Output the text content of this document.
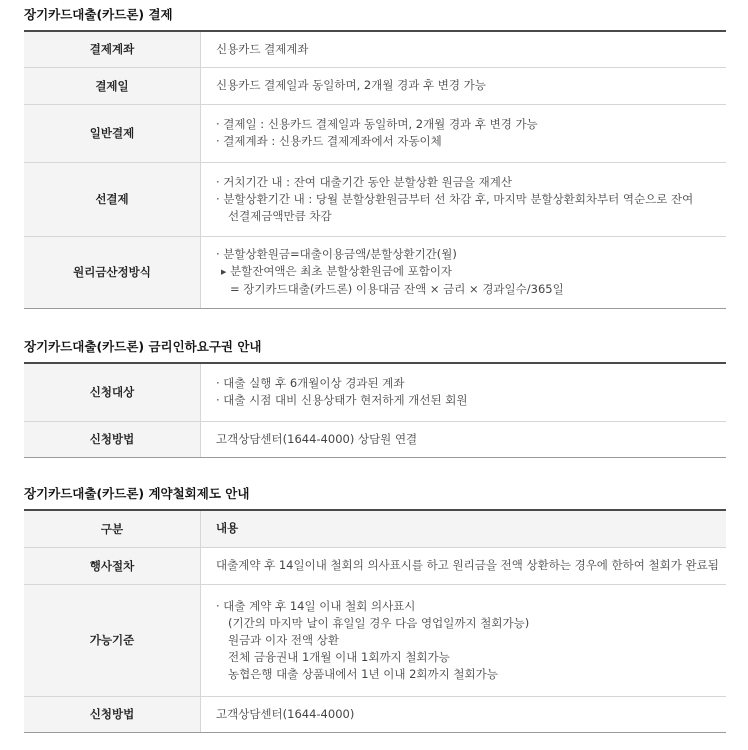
장기카드대출(카드론) 결제
결제계좌	신용카드 결제계좌
결제일	신용카드 결제일과 동일하며, 2개월 경과 후 변경 가능
일반결제	· 결제일 : 신용카드 결제일과 동일하며, 2개월 경과 후 변경 가능
· 결제계좌 : 신용카드 결제계좌에서 자동이체

선결제	· 거치기간 내 : 잔여 대출기간 동안 분할상환 원금을 재계산
· 분할상환기간 내 : 당월 분할상환원금부터 선 차감 후, 마지막 분할상환회차부터 역순으로 잔여 선결제금액만큼 차감

원리금산정방식	· 분할상환원금=대출이용금액/분할상환기간(월)
▶ 분할잔여액은 최초 분할상환원금에 포함이자
= 장기카드대출(카드론) 이용대금 잔액 × 금리 × 경과일수/365일
장기카드대출(카드론) 금리인하요구권 안내
신청대상	· 대출 실행 후 6개월이상 경과된 계좌
· 대출 시점 대비 신용상태가 현저하게 개선된 회원

신청방법	고객상담센터(1644-4000) 상담원 연결
장기카드대출(카드론) 계약철회제도 안내
구분	내용
행사절차	대출계약 후 14일이내 철회의 의사표시를 하고 원리금을 전액 상환하는 경우에 한하여 철회가 완료됨
가능기준	· 대출 계약 후 14일 이내 철회 의사표시
(기간의 마지막 날이 휴일일 경우 다음 영업일까지 철회가능)
원금과 이자 전액 상환
전체 금융권내 1개월 이내 1회까지 철회가능
농협은행 대출 상품내에서 1년 이내 2회까지 철회가능

신청방법	고객상담센터(1644-4000)
